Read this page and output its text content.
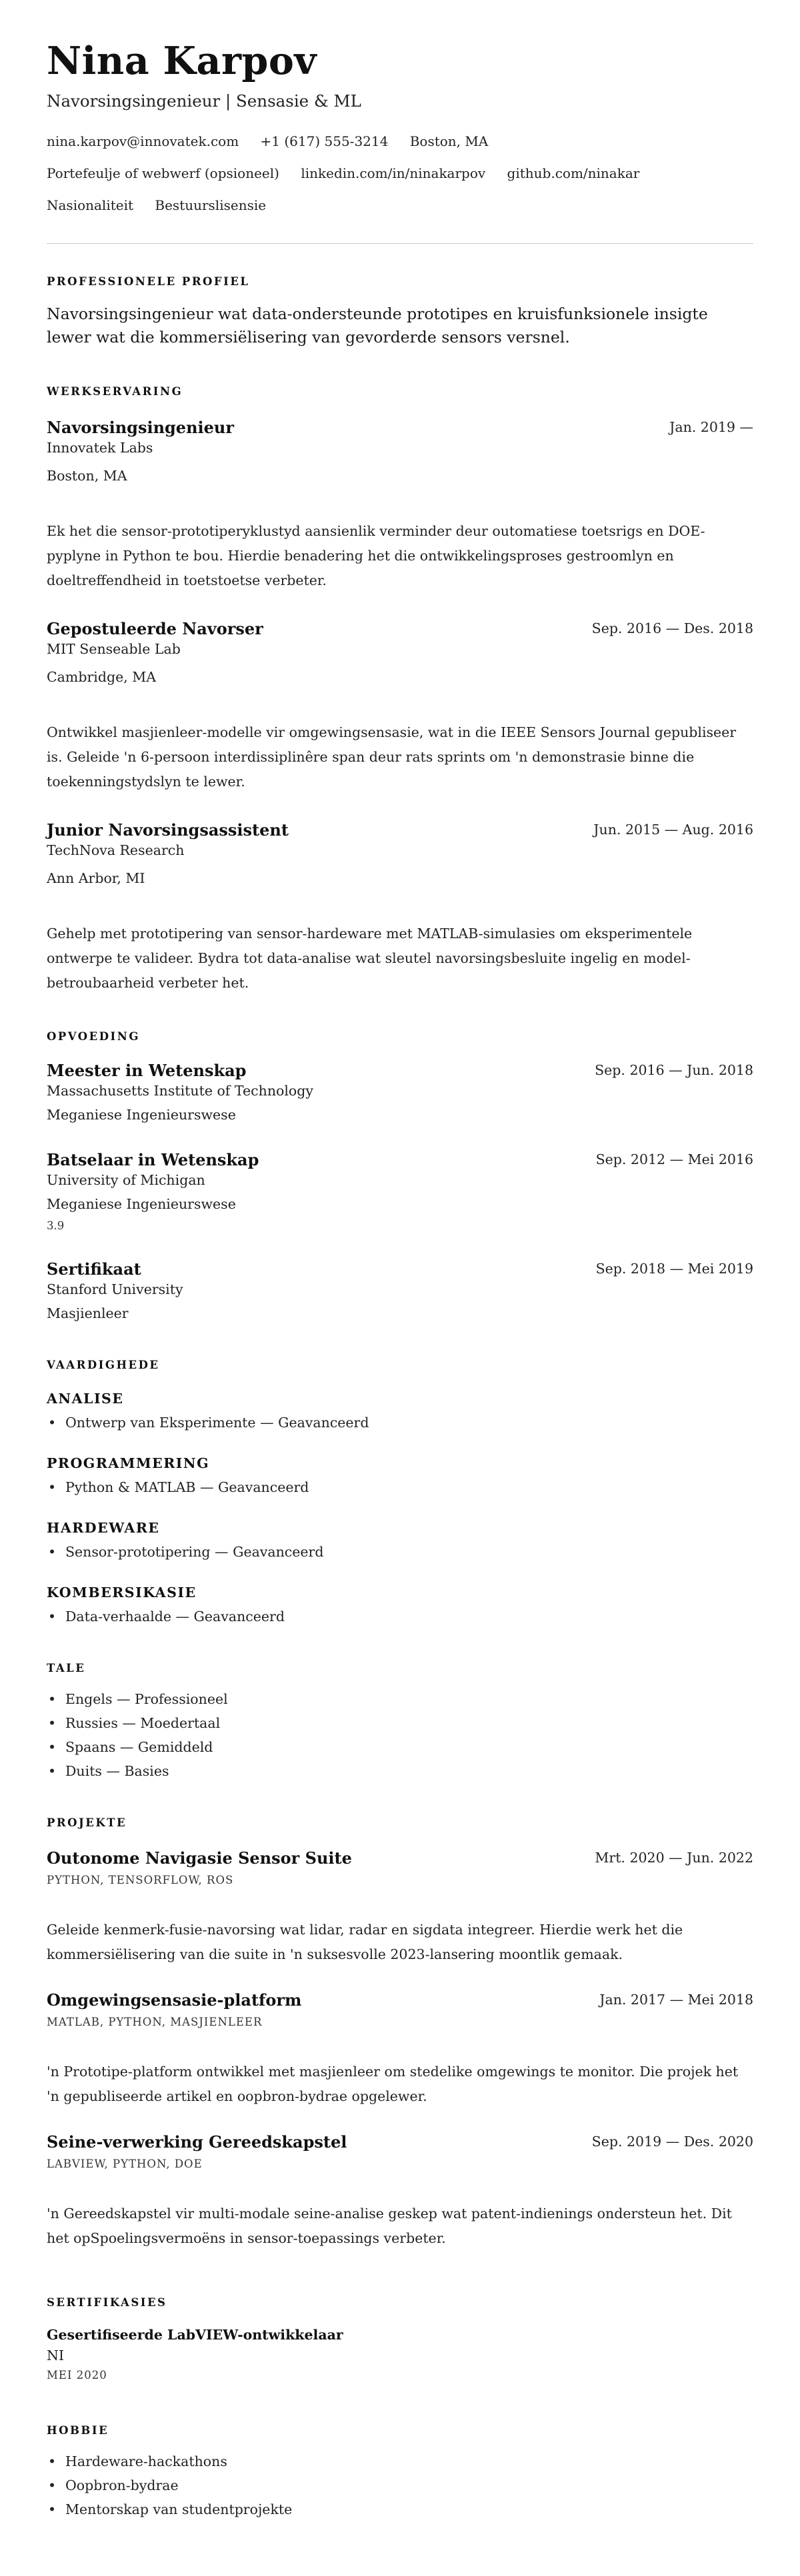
Nina Karpov
Navorsingsingenieur | Sensasie & ML
nina.karpov@innovatek.com +1 (617) 555-3214 Boston, MA
Portefeulje of webwerf (opsioneel) linkedin.com/in/ninakarpov github.com/ninakar
Nasionaliteit Bestuurslisensie
PROFESSIONELE PROFIEL
Navorsingsingenieur wat data-ondersteunde prototipes en kruisfunksionele insigte lewer wat die kommersiëlisering van gevorderde sensors versnel.
WERKSERVARING
Navorsingsingenieur	Jan. 2019 —
Innovatek Labs
Boston, MA
Ek het die sensor-prototiperyklustyd aansienlik verminder deur outomatiese toetsrigs en DOE-pyplyne in Python te bou. Hierdie benadering het die ontwikkelingsproses gestroomlyn en doeltreffendheid in toetstoetse verbeter.
Gepostuleerde Navorser	Sep. 2016 — Des. 2018
MIT Senseable Lab
Cambridge, MA
Ontwikkel masjienleer-modelle vir omgewingsensasie, wat in die IEEE Sensors Journal gepubliseer is. Geleide 'n 6-persoon interdissiplinêre span deur rats sprints om 'n demonstrasie binne die toekenningstydslyn te lewer.
Junior Navorsingsassistent	Jun. 2015 — Aug. 2016
TechNova Research
Ann Arbor, MI
Gehelp met prototipering van sensor-hardeware met MATLAB-simulasies om eksperimentele ontwerpe te valideer. Bydra tot data-analise wat sleutel navorsingsbesluite ingelig en model-betroubaarheid verbeter het.
OPVOEDING
Meester in Wetenskap	Sep. 2016 — Jun. 2018
Massachusetts Institute of Technology
Meganiese Ingenieurswese
Batselaar in Wetenskap	Sep. 2012 — Mei 2016
University of Michigan
Meganiese Ingenieurswese
3.9
Sertifikaat	Sep. 2018 — Mei 2019
Stanford University
Masjienleer
VAARDIGHEDE
ANALISE
• Ontwerp van Eksperimente — Geavanceerd
PROGRAMMERING
• Python & MATLAB — Geavanceerd
HARDEWARE
• Sensor-prototipering — Geavanceerd
KOMBERSIKASIE
• Data-verhaalde — Geavanceerd
TALE
• Engels — Professioneel
• Russies — Moedertaal
• Spaans — Gemiddeld
• Duits — Basies
PROJEKTE
Outonome Navigasie Sensor Suite	Mrt. 2020 — Jun. 2022
PYTHON, TENSORFLOW, ROS
Geleide kenmerk-fusie-navorsing wat lidar, radar en sigdata integreer. Hierdie werk het die kommersiëlisering van die suite in 'n suksesvolle 2023-lansering moontlik gemaak.
Omgewingsensasie-platform	Jan. 2017 — Mei 2018
MATLAB, PYTHON, MASJIENLEER
'n Prototipe-platform ontwikkel met masjienleer om stedelike omgewings te monitor. Die projek het 'n gepubliseerde artikel en oopbron-bydrae opgelewer.
Seine-verwerking Gereedskapstel	Sep. 2019 — Des. 2020
LABVIEW, PYTHON, DOE
'n Gereedskapstel vir multi-modale seine-analise geskep wat patent-indienings ondersteun het. Dit het opSpoelingsvermoëns in sensor-toepassings verbeter.
SERTIFIKASIES
Gesertifiseerde LabVIEW-ontwikkelaar
NI
MEI 2020
HOBBIE
• Hardeware-hackathons
• Oopbron-bydrae
• Mentorskap van studentprojekte
